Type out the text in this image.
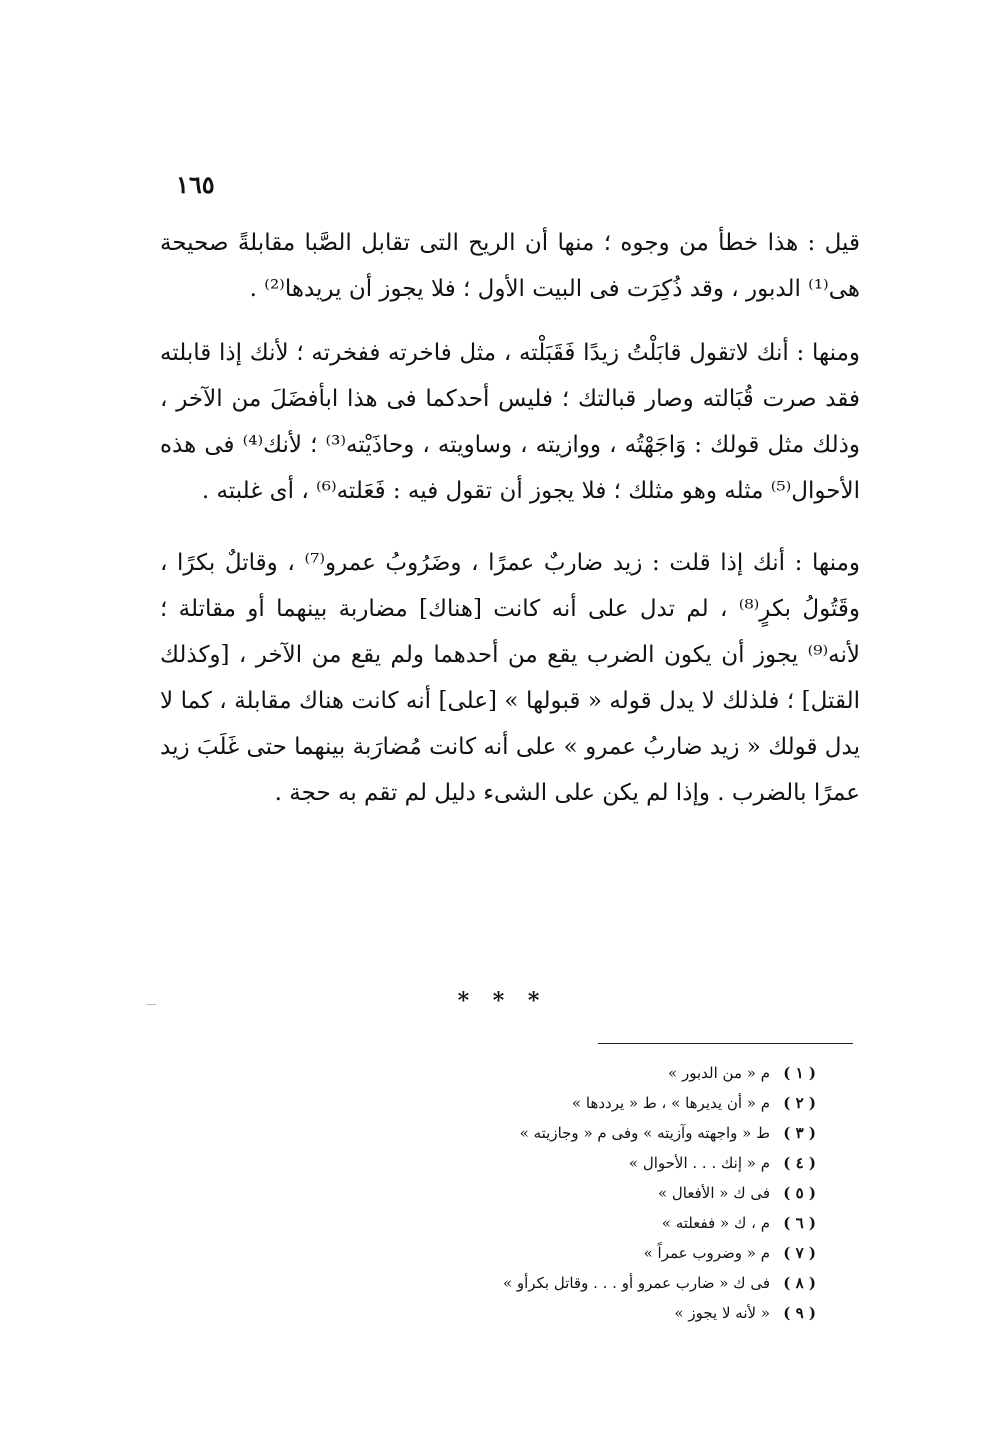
١٦٥

قيل : هذا خطأ من وجوه ؛ منها أن الريح التى تقابل الصَّبا مقابلةً صحيحة هى⁽¹⁾ الدبور ، وقد ذُكِرَت فى البيت الأول ؛ فلا يجوز أن يريدها⁽²⁾ .

ومنها : أنك لاتقول قابَلْتُ زيدًا فَقَبَلْته ، مثل فاخرته ففخرته ؛ لأنك إذا قابلته فقد صرت قُبَالته وصار قبالتك ؛ فليس أحدكما فى هذا ابأفضَلَ من الآخر ، وذلك مثل قولك : وَاجَهْتُه ، ووازيته ، وساويته ، وحاذَيْته⁽³⁾ ؛ لأنك⁽⁴⁾ فى هذه الأحوال⁽⁵⁾ مثله وهو مثلك ؛ فلا يجوز أن تقول فيه : فَعَلته⁽⁶⁾ ، أى غلبته .

ومنها : أنك إذا قلت : زيد ضاربٌ عمرًا ، وضَرُوبُ عمرو⁽⁷⁾ ، وقاتلٌ بكرًا ، وقَتُولُ بكرٍ⁽⁸⁾ ، لم تدل على أنه كانت [هناك] مضاربة بينهما أو مقاتلة ؛ لأنه⁽⁹⁾ يجوز أن يكون الضرب يقع من أحدهما ولم يقع من الآخر ، [وكذلك القتل] ؛ فلذلك لا يدل قوله « قبولها » [على] أنه كانت هناك مقابلة ، كما لا يدل قولك « زيد ضاربُ عمرو » على أنه كانت مُضارَبة بينهما حتى غَلَبَ زيد عمرًا بالضرب . وإذا لم يكن على الشىء دليل لم تقم به حجة .

* * *
( ١ )م « من الدبور »
( ٢ )م « أن يديرها » ، ط « يرددها »
( ٣ )ط « واجهته وآزيته » وفى م « وجازيته »
( ٤ )م « إنك . . . الأحوال »
( ٥ )فى ك « الأفعال »
( ٦ )م ، ك « ففعلته »
( ٧ )م « وضروب عمراً »
( ٨ )فى ك « ضارب عمرو أو . . . وقاتل بكرأو »
( ٩ )« لأنه لا يجوز »
